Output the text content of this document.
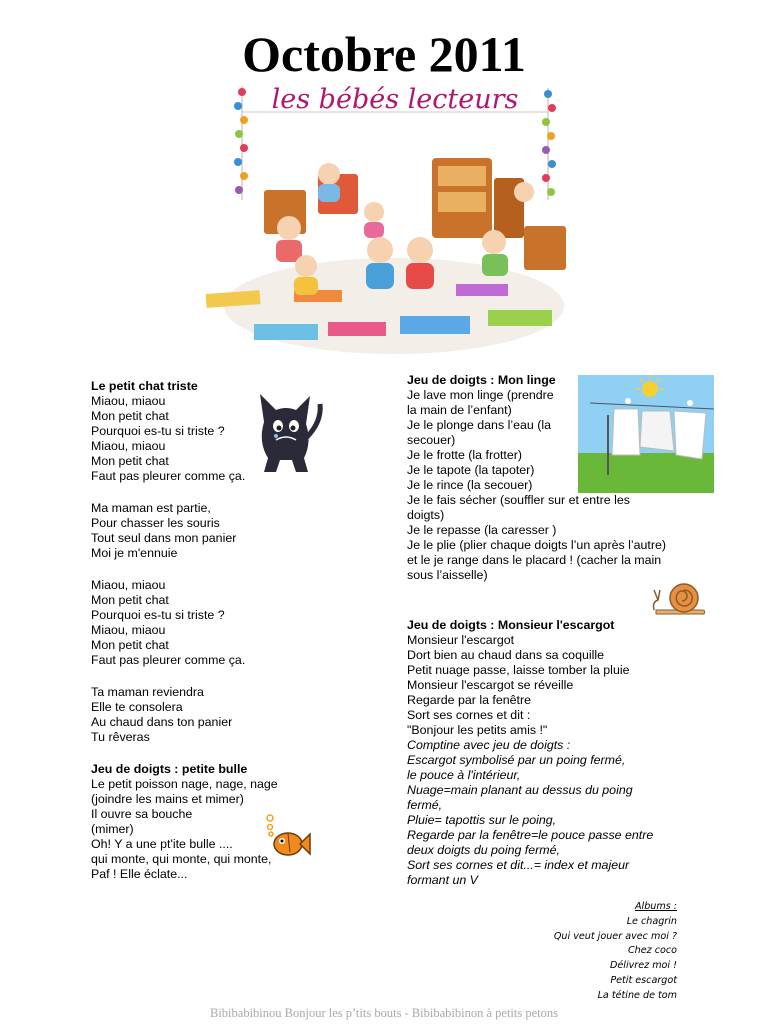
Octobre 2011
les bébés lecteurs
Le petit chat triste
Miaou, miaou
Mon petit chat
Pourquoi es-tu si triste ?
Miaou, miaou
Mon petit chat
Faut pas pleurer comme ça.
Ma maman est partie,
Pour chasser les souris
Tout seul dans mon panier
Moi je m'ennuie
Miaou, miaou
Mon petit chat
Pourquoi es-tu si triste ?
Miaou, miaou
Mon petit chat
Faut pas pleurer comme ça.
Ta maman reviendra
Elle te consolera
Au chaud dans ton panier
Tu rêveras
Jeu de doigts : petite bulle
Le petit poisson nage, nage, nage
(joindre les mains et mimer)
Il ouvre sa bouche
(mimer)
Oh! Y a une pt'ite bulle ....
qui monte, qui monte, qui monte,
Paf ! Elle éclate...
Jeu de doigts : Mon linge
Je lave mon linge (prendre
la main de l’enfant)
Je le plonge dans l’eau (la
secouer)
Je le frotte (la frotter)
Je le tapote (la tapoter)
Je le rince (la secouer)
Je le fais sécher (souffler sur et entre les
doigts)
Je le repasse (la caresser )
Je le plie (plier chaque doigts l’un après l’autre)
et le je range dans le placard ! (cacher la main
sous l’aisselle)
Jeu de doigts : Monsieur l'escargot
Monsieur l'escargot
Dort bien au chaud dans sa coquille
Petit nuage passe, laisse tomber la pluie
Monsieur l'escargot se réveille
Regarde par la fenêtre
Sort ses cornes et dit :
"Bonjour les petits amis !"
Comptine avec jeu de doigts :
Escargot symbolisé par un poing fermé,
le pouce à l'intérieur,
Nuage=main planant au dessus du poing
fermé,
Pluie= tapottis sur le poing,
Regarde par la fenêtre=le pouce passe entre
deux doigts du poing fermé,
Sort ses cornes et dit...= index et majeur
formant un V
Albums :
Le chagrin
Qui veut jouer avec moi ?
Chez coco
Délivrez moi !
Petit escargot
La tétine de tom
Bibibabibinou Bonjour les p’tits bouts - Bibibabibinon à petits petons
